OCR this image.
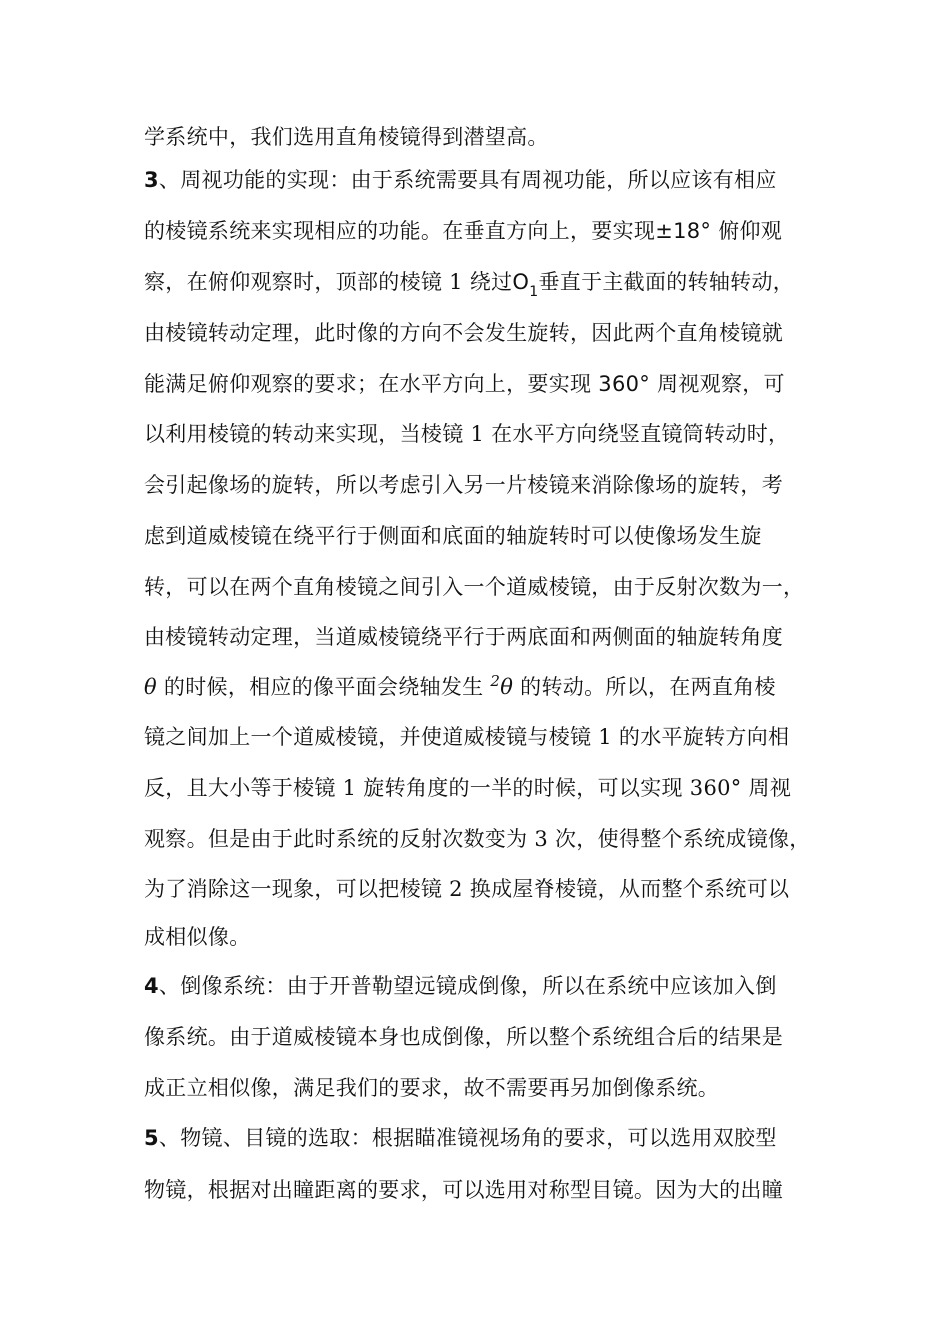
学系统中，我们选用直角棱镜得到潜望高。
3、周视功能的实现：由于系统需要具有周视功能，所以应该有相应
的棱镜系统来实现相应的功能。在垂直方向上，要实现±18° 俯仰观
察，在俯仰观察时，顶部的棱镜 1 绕过$O_1$垂直于主截面的转轴转动，
由棱镜转动定理，此时像的方向不会发生旋转，因此两个直角棱镜就
能满足俯仰观察的要求；在水平方向上，要实现 360° 周视观察，可
以利用棱镜的转动来实现，当棱镜 1 在水平方向绕竖直镜筒转动时，
会引起像场的旋转，所以考虑引入另一片棱镜来消除像场的旋转，考
虑到道威棱镜在绕平行于侧面和底面的轴旋转时可以使像场发生旋
转，可以在两个直角棱镜之间引入一个道威棱镜，由于反射次数为一，
由棱镜转动定理，当道威棱镜绕平行于两底面和两侧面的轴旋转角度
θ 的时候，相应的像平面会绕轴发生 $^2$θ 的转动。所以，在两直角棱
镜之间加上一个道威棱镜，并使道威棱镜与棱镜 1 的水平旋转方向相
反，且大小等于棱镜 1 旋转角度的一半的时候，可以实现 360° 周视
观察。但是由于此时系统的反射次数变为 3 次，使得整个系统成镜像，
为了消除这一现象，可以把棱镜 2 换成屋脊棱镜，从而整个系统可以
成相似像。
4、倒像系统：由于开普勒望远镜成倒像，所以在系统中应该加入倒
像系统。由于道威棱镜本身也成倒像，所以整个系统组合后的结果是
成正立相似像，满足我们的要求，故不需要再另加倒像系统。
5、物镜、目镜的选取：根据瞄准镜视场角的要求，可以选用双胶型
物镜，根据对出瞳距离的要求，可以选用对称型目镜。因为大的出瞳
